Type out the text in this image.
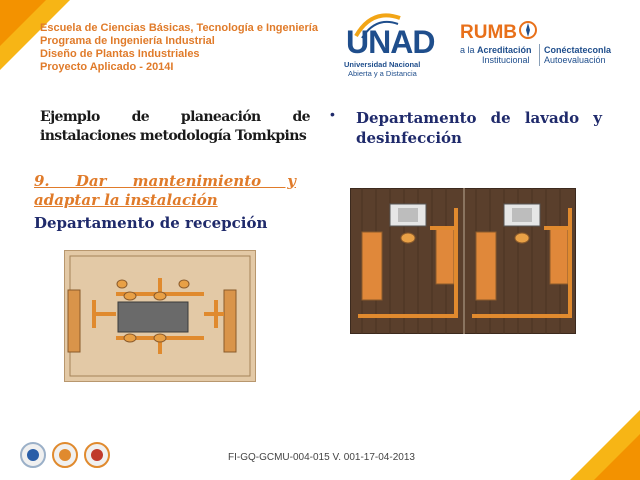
Escuela de Ciencias Básicas, Tecnología e Ingeniería
Programa de Ingeniería Industrial
Diseño de Plantas Industriales
Proyecto Aplicado - 2014I
UNAD
Universidad Nacional
Abierta y a Distancia
RUMB
a la Acreditación
Institucional
Conéctateconla
Autoevaluación
Ejemplo de planeación de instalaciones metodología Tomkpins
• Departamento de lavado y desinfección
9. Dar mantenimiento y adaptar la instalación
Departamento de recepción
FI-GQ-GCMU-004-015 V. 001-17-04-2013
